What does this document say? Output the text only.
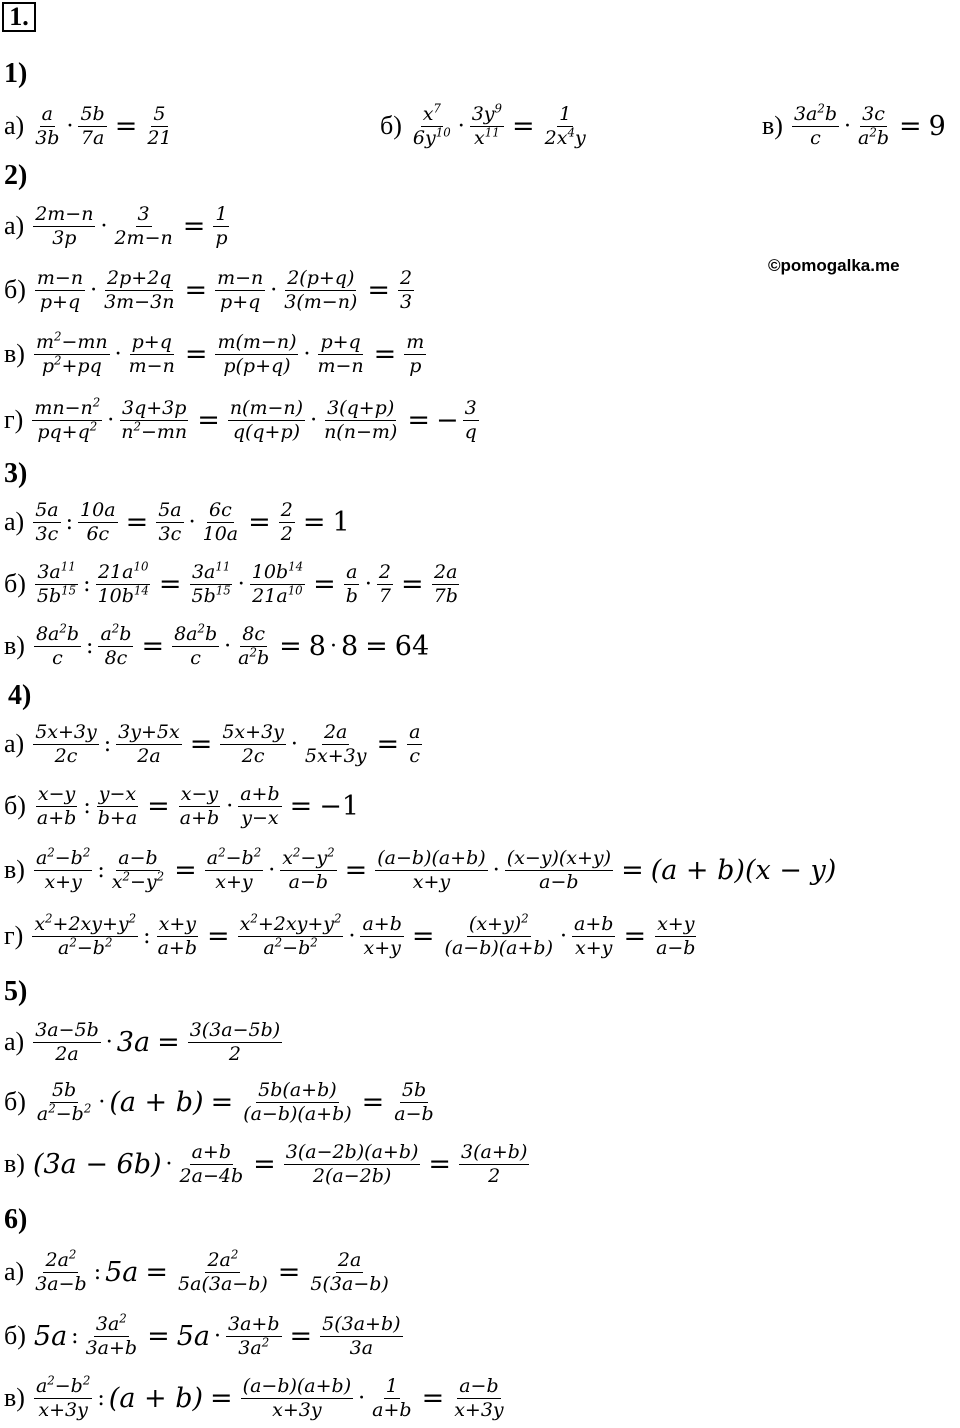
1.
©pomogalka.me
1)
а) a
$3b \cdot \frac{5b}{7a} = \frac{5}{21}$	б) $x^7$
$6y^{10} \cdot \frac{3y^9}{x^{11}} = \frac{1}{2x^4y}$	в) $3a^2b$
$c \cdot \frac{3c}{a^2b} = 9$
2)
а) 2m−n
$3p \cdot \frac{3}{2m-n} = \frac{1}{p}$
б) m−n
$p+q \cdot \frac{2p+2q}{3m-3n} = \frac{m-n}{p+q} \cdot \frac{2(p+q)}{3(m-n)} = \frac{2}{3}$
в) $m^2-mn$
$p^2+pq \cdot \frac{p+q}{m-n} = \frac{m(m-n)}{p(p+q)} \cdot \frac{p+q}{m-n} = \frac{m}{p}$
г) $mn-n^2$
$pq+q^2 \cdot \frac{3q+3p}{n^2-mn} = \frac{n(m-n)}{q(q+p)} \cdot \frac{3(q+p)}{n(n-m)}$ = − $\frac{3}{q}$
3)
а) 5a
3c : $\frac{10a}{6c} = \frac{5a}{3c} \cdot \frac{6c}{10a} = \frac{2}{2} = 1$
б) $3a^{11}$
$5b^{15}$ : $\frac{21a^{10}}{10b^{14}} = \frac{3a^{11}}{5b^{15}} \cdot \frac{10b^{14}}{21a^{10}} = \frac{a}{b} \cdot \frac{2}{7} = \frac{2a}{7b}$
в) $8a^2b$
c : $\frac{a^2b}{8c} = \frac{8a^2b}{c} \cdot \frac{8c}{a^2b} = 8 \cdot 8 = 64$
4)
а) 5x+3y
2c : $\frac{3y+5x}{2a} = \frac{5x+3y}{2c} \cdot \frac{2a}{5x+3y} = \frac{a}{c}$
б) x−y
a+b : $\frac{y-x}{b+a} = \frac{x-y}{a+b} \cdot \frac{a+b}{y-x} = -1$
в) $a^2-b^2$
x+y : $\frac{a-b}{x^2-y^2} = \frac{a^2-b^2}{x+y} \cdot \frac{x^2-y^2}{a-b} = \frac{(a-b)(a+b)}{x+y} \cdot \frac{(x-y)(x+y)}{a-b} = (a + b)(x - y)$
г) $x^2+2xy+y^2$
$a^2-b^2$ : $\frac{x+y}{a+b} = \frac{x^2+2xy+y^2}{a^2-b^2} \cdot \frac{a+b}{x+y} = \frac{(x+y)^2}{(a-b)(a+b)} \cdot \frac{a+b}{x+y} = \frac{x+y}{a-b}$
5)
а) 3a−5b
$2a \cdot 3a = \frac{3(3a-5b)}{2}$
б) 5b
$a^2-b^2 \cdot (a + b) = \frac{5b(a+b)}{(a-b)(a+b)} = \frac{5b}{a-b}$
в) $(3a - 6b) \cdot \frac{a+b}{2a-4b} = \frac{3(a-2b)(a+b)}{2(a-2b)} = \frac{3(a+b)}{2}$
6)
а) $2a^2$
3a−b : $5a = \frac{2a^2}{5a(3a-b)} = \frac{2a}{5(3a-b)}$
б) 5a : $\frac{3a^2}{3a+b} = 5a \cdot \frac{3a+b}{3a^2} = \frac{5(3a+b)}{3a}$
в) $a^2-b^2$
x+3y : $(a + b) = \frac{(a-b)(a+b)}{x+3y} \cdot \frac{1}{a+b} = \frac{a-b}{x+3y}$
